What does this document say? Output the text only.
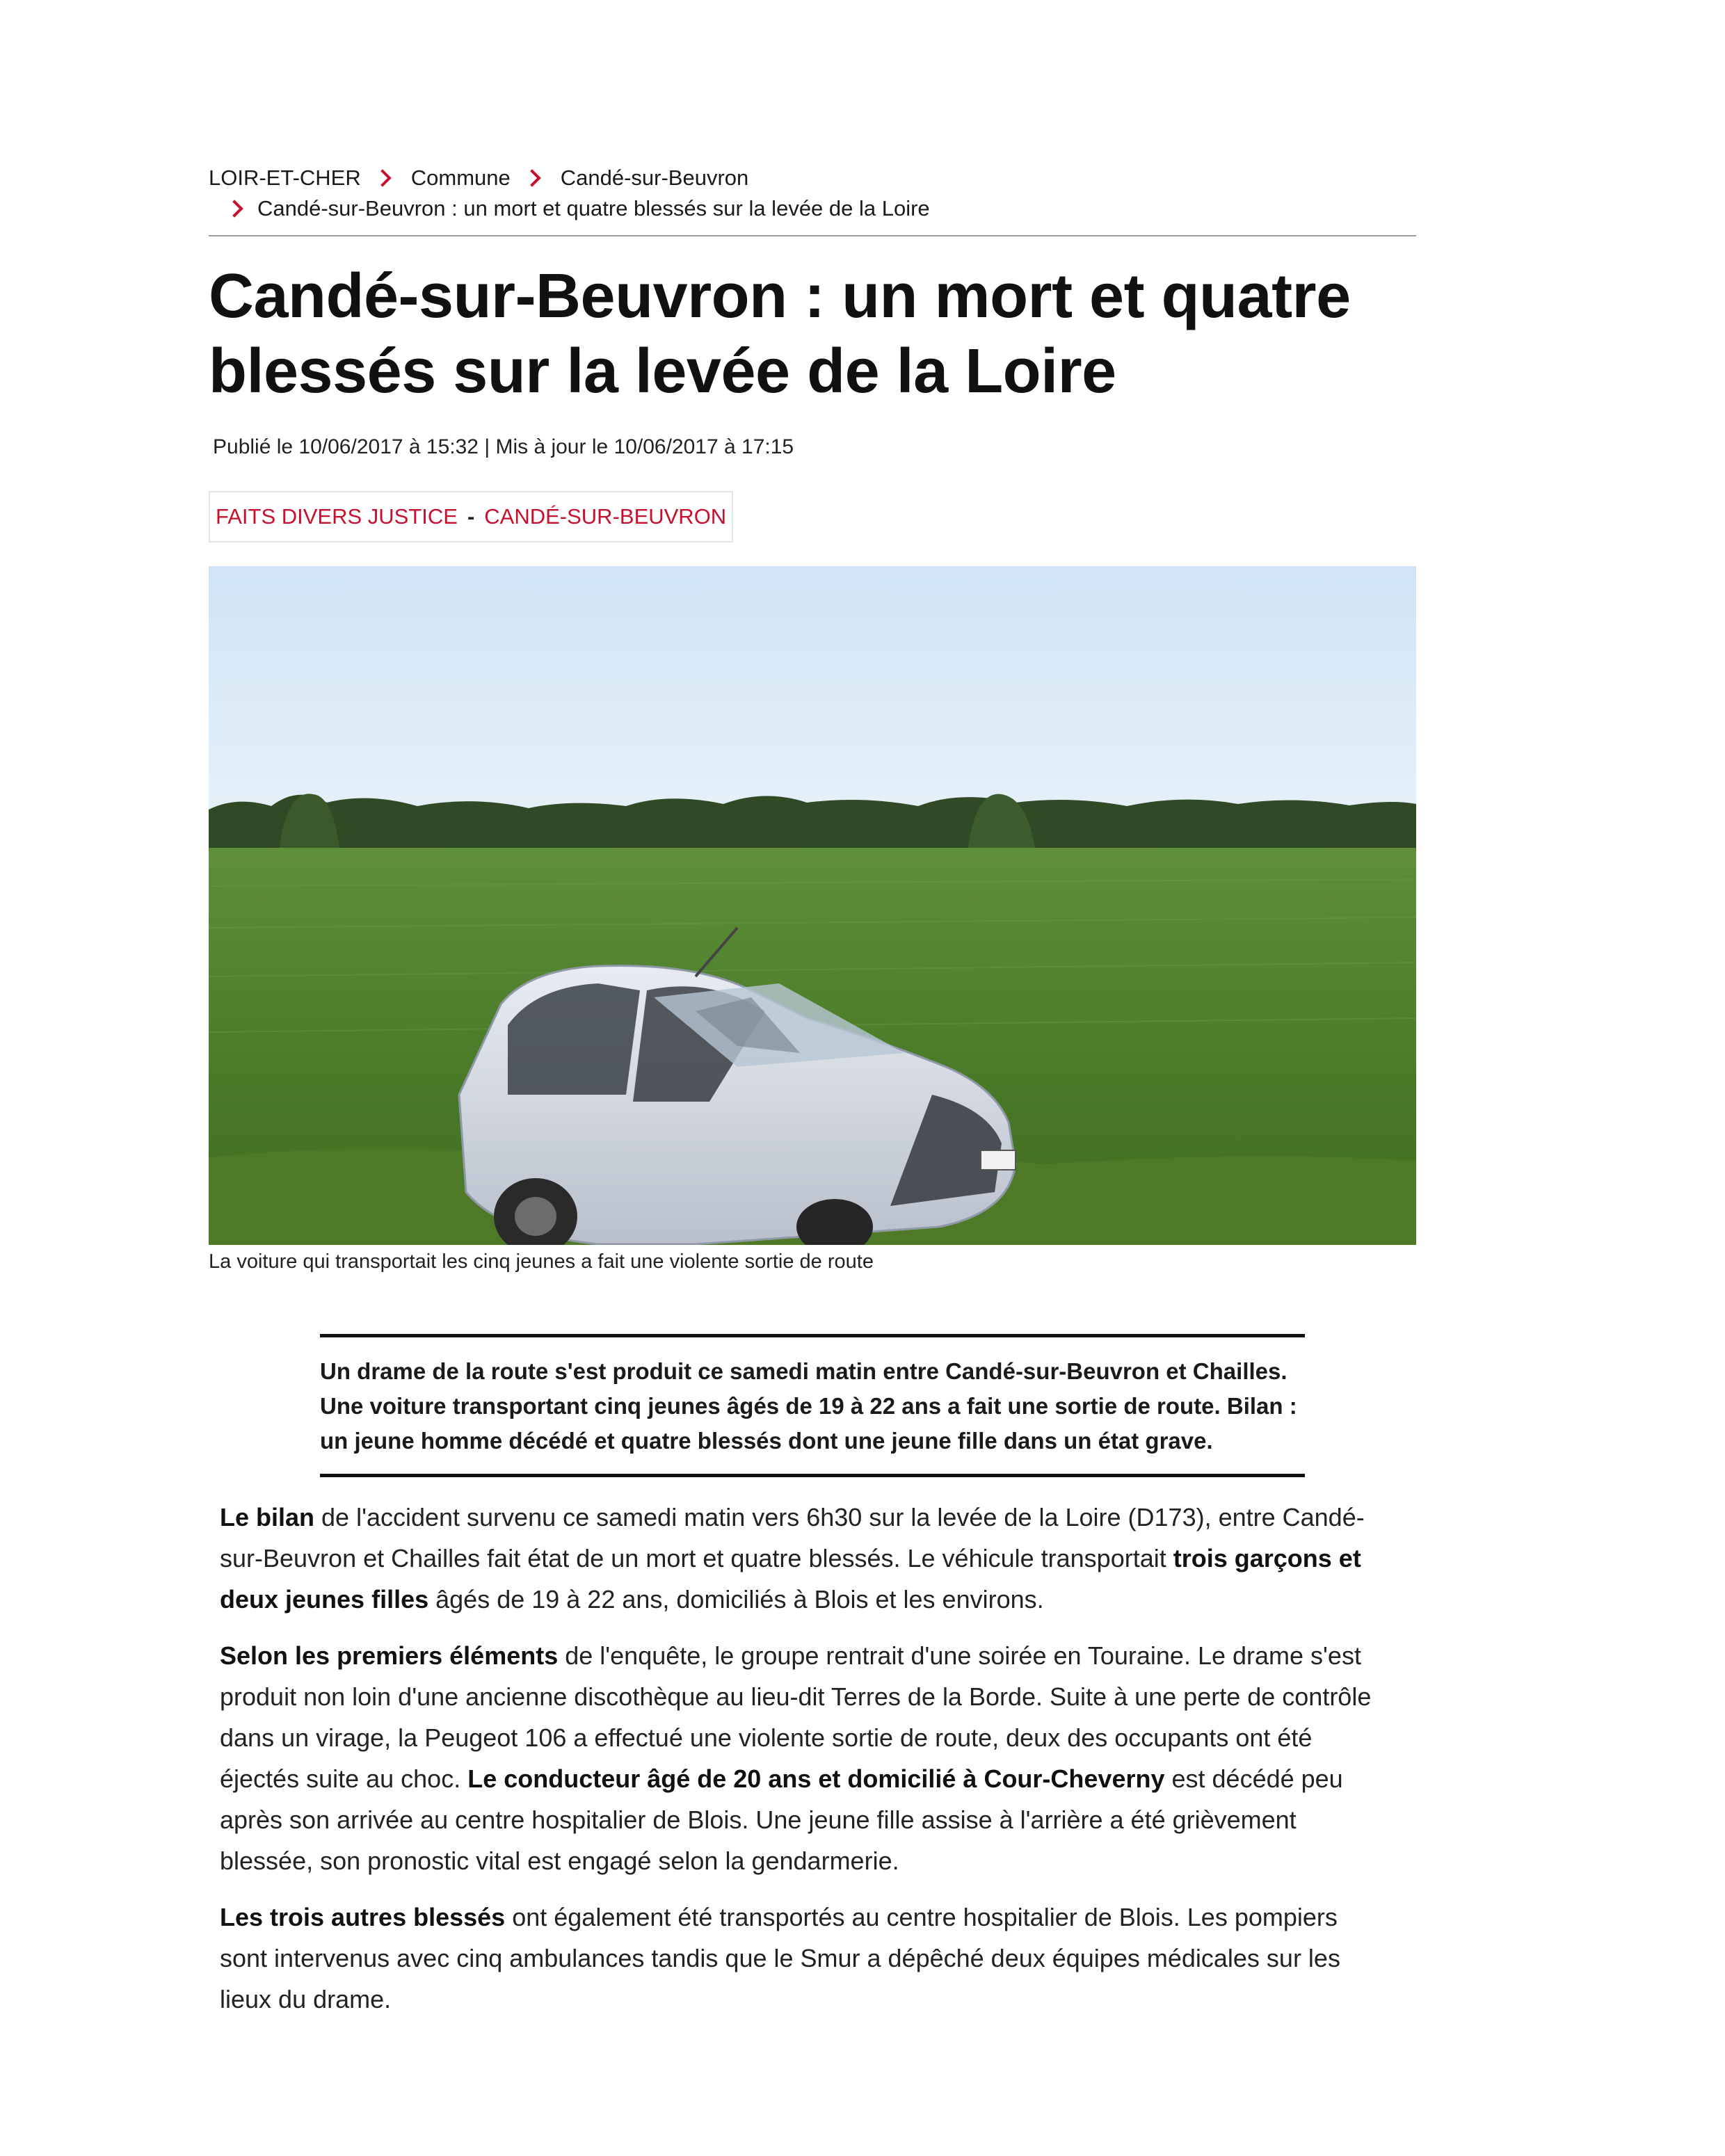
LOIR-ET-CHER Commune Candé-sur-Beuvron
Candé-sur-Beuvron : un mort et quatre blessés sur la levée de la Loire
Candé-sur-Beuvron : un mort et quatre blessés sur la levée de la Loire
Publié le 10/06/2017 à 15:32 | Mis à jour le 10/06/2017 à 17:15
FAITS DIVERS JUSTICE - CANDÉ-SUR-BEUVRON
La voiture qui transportait les cinq jeunes a fait une violente sortie de route

Un drame de la route s'est produit ce samedi matin entre Candé-sur-Beuvron et Chailles. Une voiture transportant cinq jeunes âgés de 19 à 22 ans a fait une sortie de route. Bilan : un jeune homme décédé et quatre blessés dont une jeune fille dans un état grave.

Le bilan de l'accident survenu ce samedi matin vers 6h30 sur la levée de la Loire (D173), entre Candé-sur-Beuvron et Chailles fait état de un mort et quatre blessés. Le véhicule transportait trois garçons et deux jeunes filles âgés de 19 à 22 ans, domiciliés à Blois et les environs.

Selon les premiers éléments de l'enquête, le groupe rentrait d'une soirée en Touraine. Le drame s'est produit non loin d'une ancienne discothèque au lieu-dit Terres de la Borde. Suite à une perte de contrôle dans un virage, la Peugeot 106 a effectué une violente sortie de route, deux des occupants ont été éjectés suite au choc. Le conducteur âgé de 20 ans et domicilié à Cour-Cheverny est décédé peu après son arrivée au centre hospitalier de Blois. Une jeune fille assise à l'arrière a été grièvement blessée, son pronostic vital est engagé selon la gendarmerie.

Les trois autres blessés ont également été transportés au centre hospitalier de Blois. Les pompiers sont intervenus avec cinq ambulances tandis que le Smur a dépêché deux équipes médicales sur les lieux du drame.
